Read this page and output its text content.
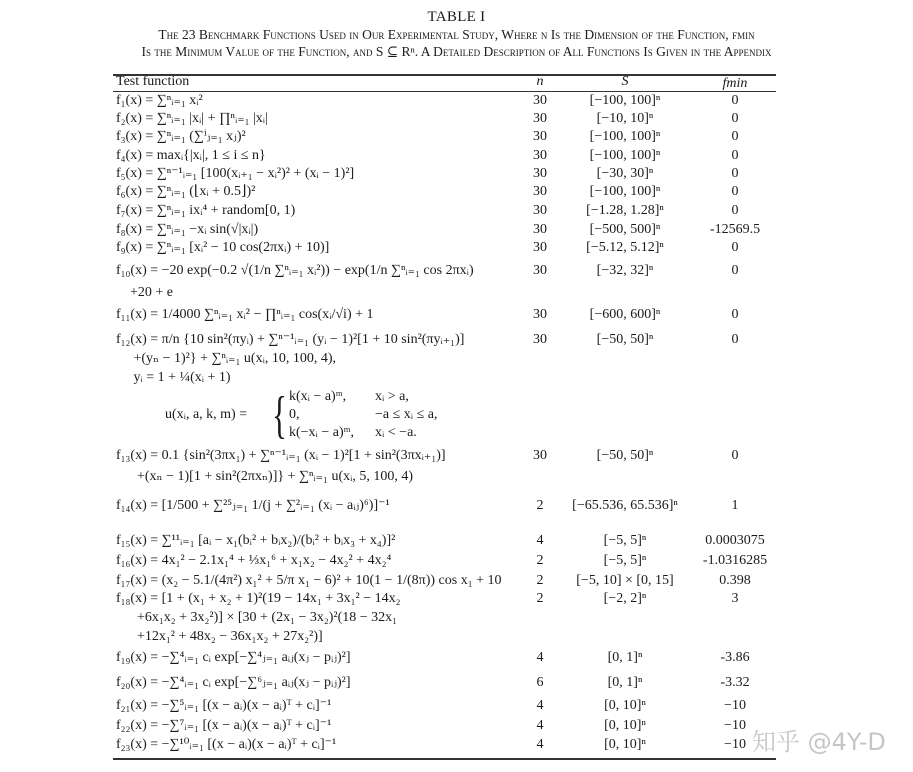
TABLE I
The 23 Benchmark Functions Used in Our Experimental Study, Where n Is the Dimension of the Function, fmin
Is the Minimum Value of the Function, and S ⊆ Rⁿ. A Detailed Description of All Functions Is Given in the Appendix
Test function	n	S	fmin
f₁(x) = ∑ⁿᵢ₌₁ xᵢ²	30	[−100, 100]ⁿ	0
f₂(x) = ∑ⁿᵢ₌₁ |xᵢ| + ∏ⁿᵢ₌₁ |xᵢ|	30	[−10, 10]ⁿ	0
f₃(x) = ∑ⁿᵢ₌₁ (∑ⁱⱼ₌₁ xⱼ)²	30	[−100, 100]ⁿ	0
f₄(x) = maxᵢ{|xᵢ|, 1 ≤ i ≤ n}	30	[−100, 100]ⁿ	0
f₅(x) = ∑ⁿ⁻¹ᵢ₌₁ [100(xᵢ₊₁ − xᵢ²)² + (xᵢ − 1)²]	30	[−30, 30]ⁿ	0
f₆(x) = ∑ⁿᵢ₌₁ (⌊xᵢ + 0.5⌋)²	30	[−100, 100]ⁿ	0
f₇(x) = ∑ⁿᵢ₌₁ ixᵢ⁴ + random[0, 1)	30	[−1.28, 1.28]ⁿ	0
f₈(x) = ∑ⁿᵢ₌₁ −xᵢ sin(√|xᵢ|)	30	[−500, 500]ⁿ	-12569.5
f₉(x) = ∑ⁿᵢ₌₁ [xᵢ² − 10 cos(2πxᵢ) + 10)]	30	[−5.12, 5.12]ⁿ	0
f₁₀(x) = −20 exp(−0.2 √(1/n ∑ⁿᵢ₌₁ xᵢ²)) − exp(1/n ∑ⁿᵢ₌₁ cos 2πxᵢ)
+20 + e
30	[−32, 32]ⁿ	0
f₁₁(x) = 1/4000 ∑ⁿᵢ₌₁ xᵢ² − ∏ⁿᵢ₌₁ cos(xᵢ/√i) + 1	30	[−600, 600]ⁿ	0
f₁₂(x) = π/n {10 sin²(πyᵢ) + ∑ⁿ⁻¹ᵢ₌₁ (yᵢ − 1)²[1 + 10 sin²(πyᵢ₊₁)]
+(yₙ − 1)²} + ∑ⁿᵢ₌₁ u(xᵢ, 10, 100, 4),
yᵢ = 1 + ¼(xᵢ + 1)
30	[−50, 50]ⁿ	0
u(xᵢ, a, k, m) = { k(xᵢ − a)ᵐ, xᵢ > a,
0,	−a ≤ xᵢ ≤ a,
k(−xᵢ − a)ᵐ, xᵢ < −a.
f₁₃(x) = 0.1 {sin²(3πx₁) + ∑ⁿ⁻¹ᵢ₌₁ (xᵢ − 1)²[1 + sin²(3πxᵢ₊₁)]
+(xₙ − 1)[1 + sin²(2πxₙ)]} + ∑ⁿᵢ₌₁ u(xᵢ, 5, 100, 4)
30	[−50, 50]ⁿ	0
f₁₄(x) = [1/500 + ∑²⁵ⱼ₌₁ 1/(j + ∑²ᵢ₌₁ (xᵢ − aᵢⱼ)⁶)]⁻¹	2	[−65.536, 65.536]ⁿ	1
f₁₅(x) = ∑¹¹ᵢ₌₁ [aᵢ − x₁(bᵢ² + bᵢx₂)/(bᵢ² + bᵢx₃ + x₄)]²	4	[−5, 5]ⁿ	0.0003075
f₁₆(x) = 4x₁² − 2.1x₁⁴ + ⅓x₁⁶ + x₁x₂ − 4x₂² + 4x₂⁴	2	[−5, 5]ⁿ	-1.0316285
f₁₇(x) = (x₂ − 5.1/(4π²) x₁² + 5/π x₁ − 6)² + 10(1 − 1/(8π)) cos x₁ + 10	2	[−5, 10] × [0, 15]	0.398
f₁₈(x) = [1 + (x₁ + x₂ + 1)²(19 − 14x₁ + 3x₁² − 14x₂
+6x₁x₂ + 3x₂²)] × [30 + (2x₁ − 3x₂)²(18 − 32x₁
+12x₁² + 48x₂ − 36x₁x₂ + 27x₂²)]
2	[−2, 2]ⁿ	3
f₁₉(x) = −∑⁴ᵢ₌₁ cᵢ exp[−∑⁴ⱼ₌₁ aᵢⱼ(xⱼ − pᵢⱼ)²]	4	[0, 1]ⁿ	-3.86
f₂₀(x) = −∑⁴ᵢ₌₁ cᵢ exp[−∑⁶ⱼ₌₁ aᵢⱼ(xⱼ − pᵢⱼ)²]	6	[0, 1]ⁿ	-3.32
f₂₁(x) = −∑⁵ᵢ₌₁ [(x − aᵢ)(x − aᵢ)ᵀ + cᵢ]⁻¹	4	[0, 10]ⁿ	−10
f₂₂(x) = −∑⁷ᵢ₌₁ [(x − aᵢ)(x − aᵢ)ᵀ + cᵢ]⁻¹	4	[0, 10]ⁿ	−10
f₂₃(x) = −∑¹⁰ᵢ₌₁ [(x − aᵢ)(x − aᵢ)ᵀ + cᵢ]⁻¹	4	[0, 10]ⁿ	−10 知乎 @4Y-D
